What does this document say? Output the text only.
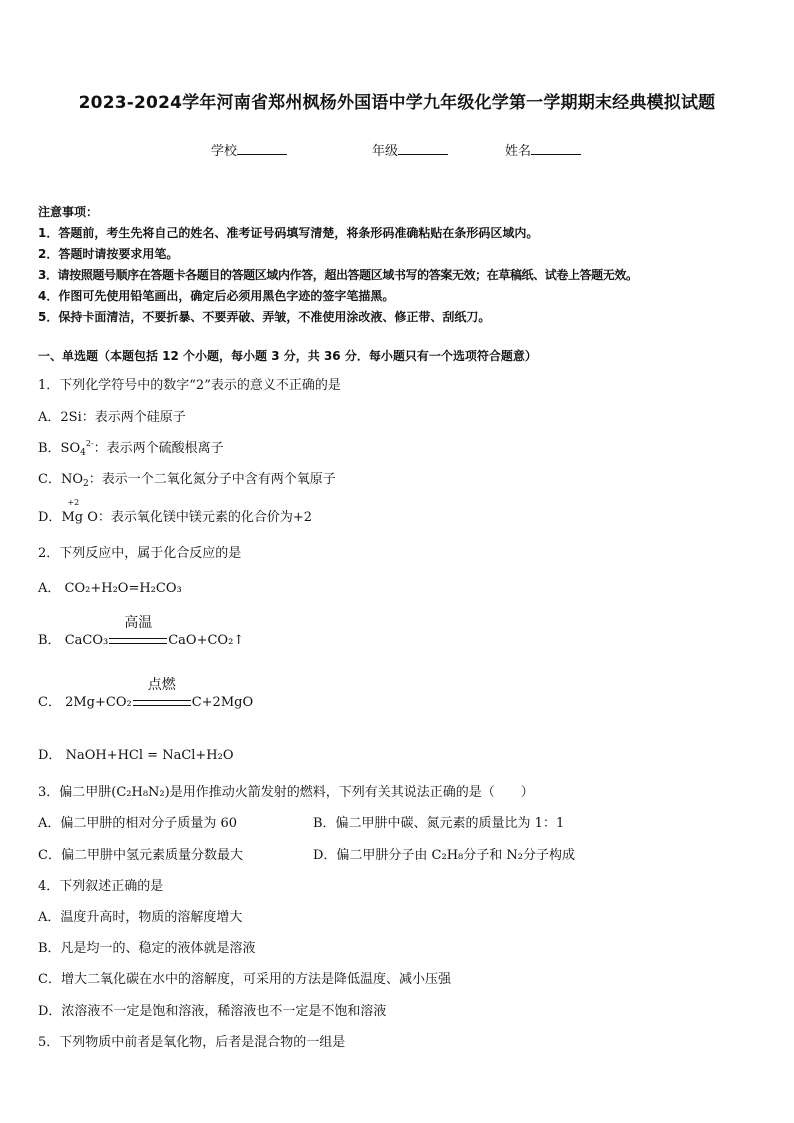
2023-2024学年河南省郑州枫杨外国语中学九年级化学第一学期期末经典模拟试题
学校	年级	姓名
注意事项：
1．答题前，考生先将自己的姓名、准考证号码填写清楚，将条形码准确粘贴在条形码区域内。
2．答题时请按要求用笔。
3．请按照题号顺序在答题卡各题目的答题区域内作答，超出答题区域书写的答案无效；在草稿纸、试卷上答题无效。
4．作图可先使用铅笔画出，确定后必须用黑色字迹的签字笔描黑。
5．保持卡面清洁，不要折暴、不要弄破、弄皱，不准使用涂改液、修正带、刮纸刀。
一、单选题（本题包括 12 个小题，每小题 3 分，共 36 分．每小题只有一个选项符合题意）
1．下列化学符号中的数字“2”表示的意义不正确的是
A．2Si：表示两个硅原子
B．$SO_4^{2-}$：表示两个硫酸根离子
C．$NO_2$：表示一个二氧化氮分子中含有两个氧原子
D．
+2
Mg O：表示氧化镁中镁元素的化合价为+2
2．下列反应中，属于化合反应的是
A． CO₂+H₂O=H₂CO₃
B． CaCO₃
高温
CaO+CO₂↑
C． 2Mg+CO₂
点燃
C+2MgO
D． NaOH+HCl = NaCl+H₂O
3．偏二甲肼(C₂H₈N₂)是用作推动火箭发射的燃料，下列有关其说法正确的是（　　）
A．偏二甲肼的相对分子质量为 60	B．偏二甲肼中碳、氮元素的质量比为 1：1
C．偏二甲肼中氢元素质量分数最大	D．偏二甲肼分子由 C₂H₈分子和 N₂分子构成
4．下列叙述正确的是
A．温度升高时，物质的溶解度增大
B．凡是均一的、稳定的液体就是溶液
C．增大二氧化碳在水中的溶解度，可采用的方法是降低温度、减小压强
D．浓溶液不一定是饱和溶液，稀溶液也不一定是不饱和溶液
5．下列物质中前者是氧化物，后者是混合物的一组是
